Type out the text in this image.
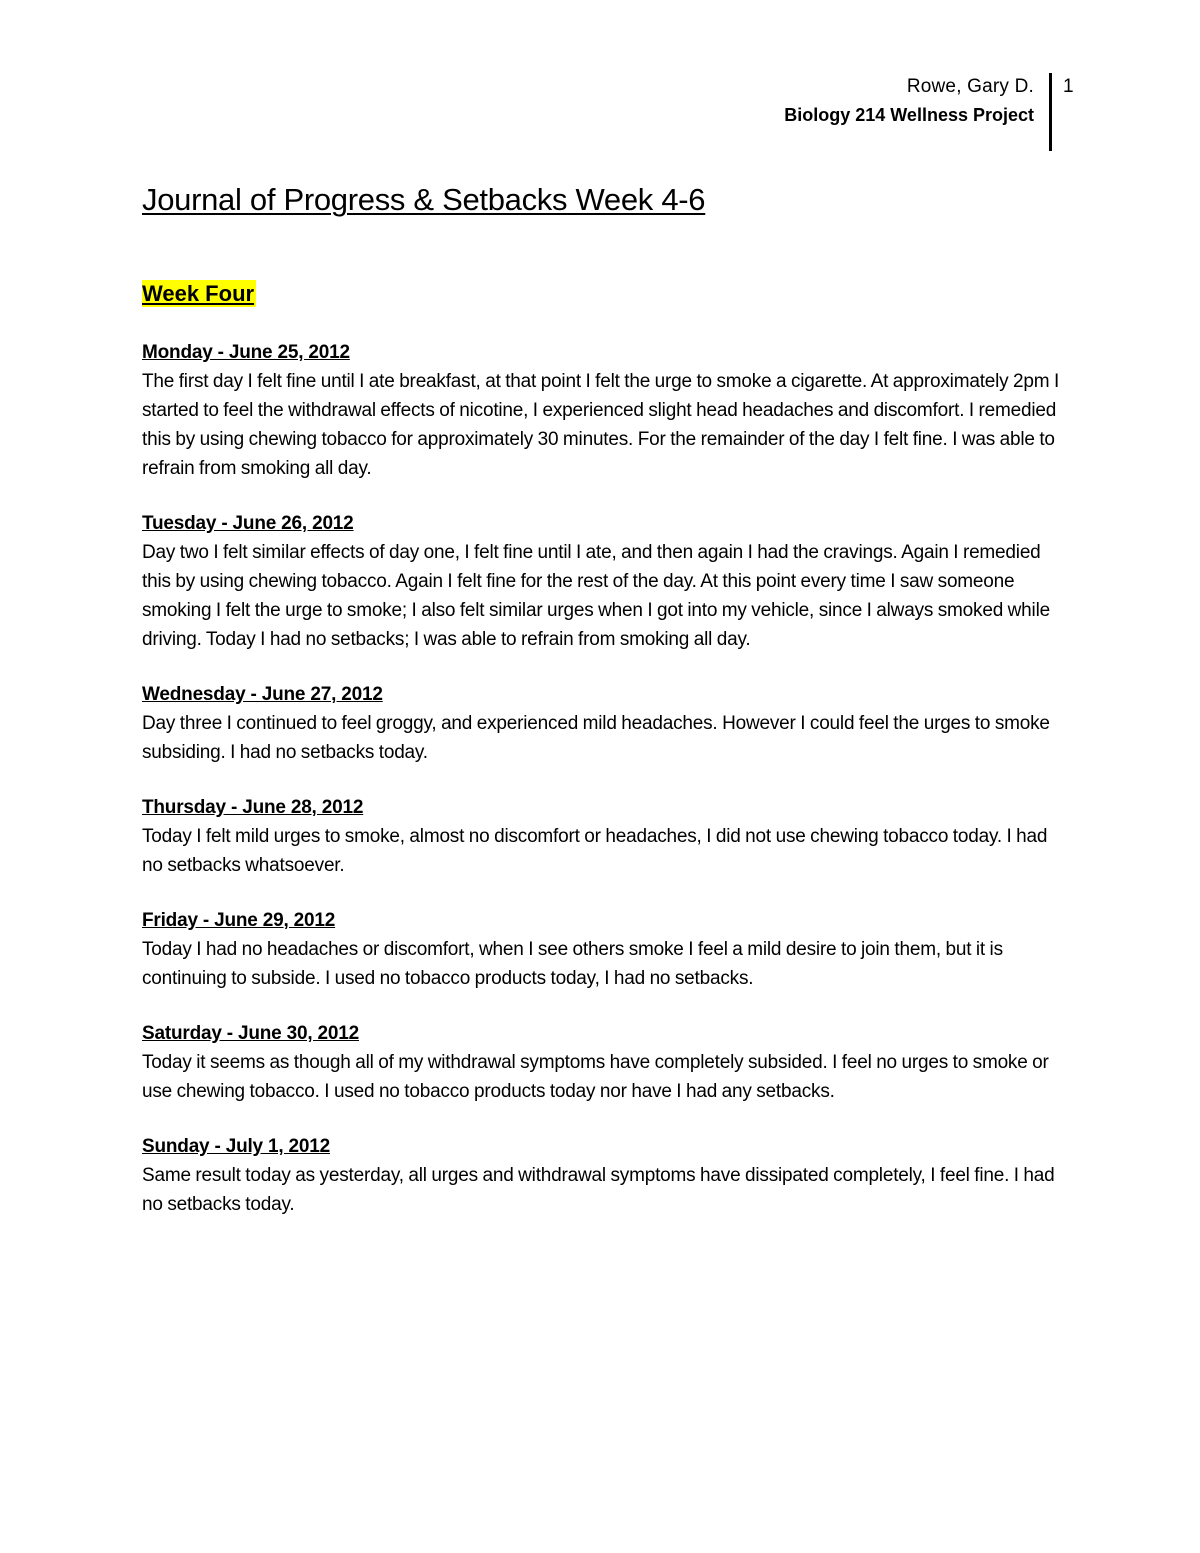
Rowe, Gary D.
Biology 214 Wellness Project
1
Journal of Progress & Setbacks Week 4-6
Week Four
Monday - June 25, 2012

The first day I felt fine until I ate breakfast, at that point I felt the urge to smoke a cigarette. At approximately 2pm I started to feel the withdrawal effects of nicotine, I experienced slight head headaches and discomfort. I remedied this by using chewing tobacco for approximately 30 minutes. For the remainder of the day I felt fine. I was able to refrain from smoking all day.

Tuesday - June 26, 2012

Day two I felt similar effects of day one, I felt fine until I ate, and then again I had the cravings. Again I remedied this by using chewing tobacco. Again I felt fine for the rest of the day. At this point every time I saw someone smoking I felt the urge to smoke; I also felt similar urges when I got into my vehicle, since I always smoked while driving. Today I had no setbacks; I was able to refrain from smoking all day.

Wednesday - June 27, 2012

Day three I continued to feel groggy, and experienced mild headaches. However I could feel the urges to smoke subsiding. I had no setbacks today.

Thursday - June 28, 2012

Today I felt mild urges to smoke, almost no discomfort or headaches, I did not use chewing tobacco today. I had no setbacks whatsoever.

Friday - June 29, 2012

Today I had no headaches or discomfort, when I see others smoke I feel a mild desire to join them, but it is continuing to subside. I used no tobacco products today, I had no setbacks.

Saturday - June 30, 2012

Today it seems as though all of my withdrawal symptoms have completely subsided. I feel no urges to smoke or use chewing tobacco. I used no tobacco products today nor have I had any setbacks.

Sunday - July 1, 2012

Same result today as yesterday, all urges and withdrawal symptoms have dissipated completely, I feel fine. I had no setbacks today.
